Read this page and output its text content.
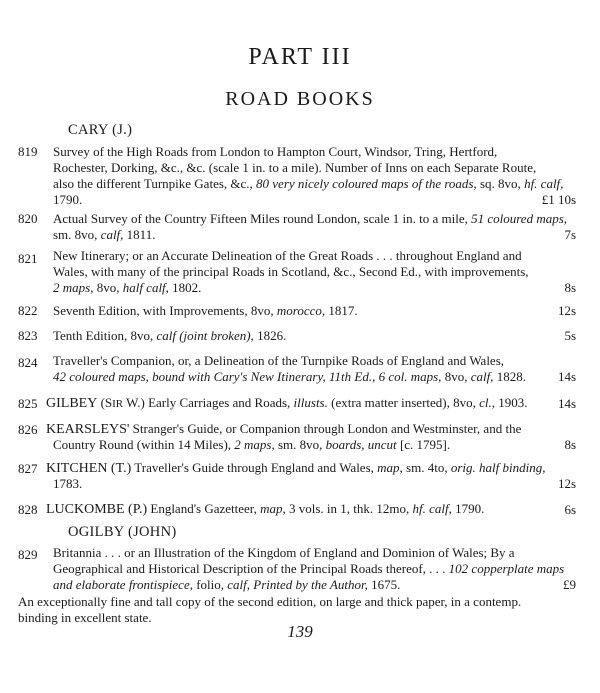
PART III
ROAD BOOKS
CARY (J.)
819 Survey of the High Roads from London to Hampton Court, Windsor, Tring, Hertford,
Rochester, Dorking, &c., &c. (scale 1 in. to a mile). Number of Inns on each Separate Route,
also the different Turnpike Gates, &c., 80 very nicely coloured maps of the roads, sq. 8vo, hf. calf,
1790.	£1 10s
820 Actual Survey of the Country Fifteen Miles round London, scale 1 in. to a mile, 51 coloured maps,
sm. 8vo, calf, 1811.	7s
821 New Itinerary; or an Accurate Delineation of the Great Roads . . . throughout England and
Wales, with many of the principal Roads in Scotland, &c., Second Ed., with improvements,
2 maps, 8vo, half calf, 1802.	8s
822 Seventh Edition, with Improvements, 8vo, morocco, 1817.	12s
823 Tenth Edition, 8vo, calf (joint broken), 1826.	5s
824 Traveller's Companion, or, a Delineation of the Turnpike Roads of England and Wales,
42 coloured maps, bound with Cary's New Itinerary, 11th Ed., 6 col. maps, 8vo, calf, 1828. 14s
825 GILBEY (SIR W.) Early Carriages and Roads, illusts. (extra matter inserted), 8vo, cl., 1903. 14s
826 KEARSLEYS' Stranger's Guide, or Companion through London and Westminster, and the
Country Round (within 14 Miles), 2 maps, sm. 8vo, boards, uncut [c. 1795].	8s
827 KITCHEN (T.) Traveller's Guide through England and Wales, map, sm. 4to, orig. half binding,
1783.	12s
828 LUCKOMBE (P.) England's Gazetteer, map, 3 vols. in 1, thk. 12mo, hf. calf, 1790.	6s
OGILBY (JOHN)
829 Britannia . . . or an Illustration of the Kingdom of England and Dominion of Wales; By a
Geographical and Historical Description of the Principal Roads thereof, . . . 102 copperplate maps
and elaborate frontispiece, folio, calf, Printed by the Author, 1675.	£9
An exceptionally fine and tall copy of the second edition, on large and thick paper, in a contemp.
binding in excellent state.
139
